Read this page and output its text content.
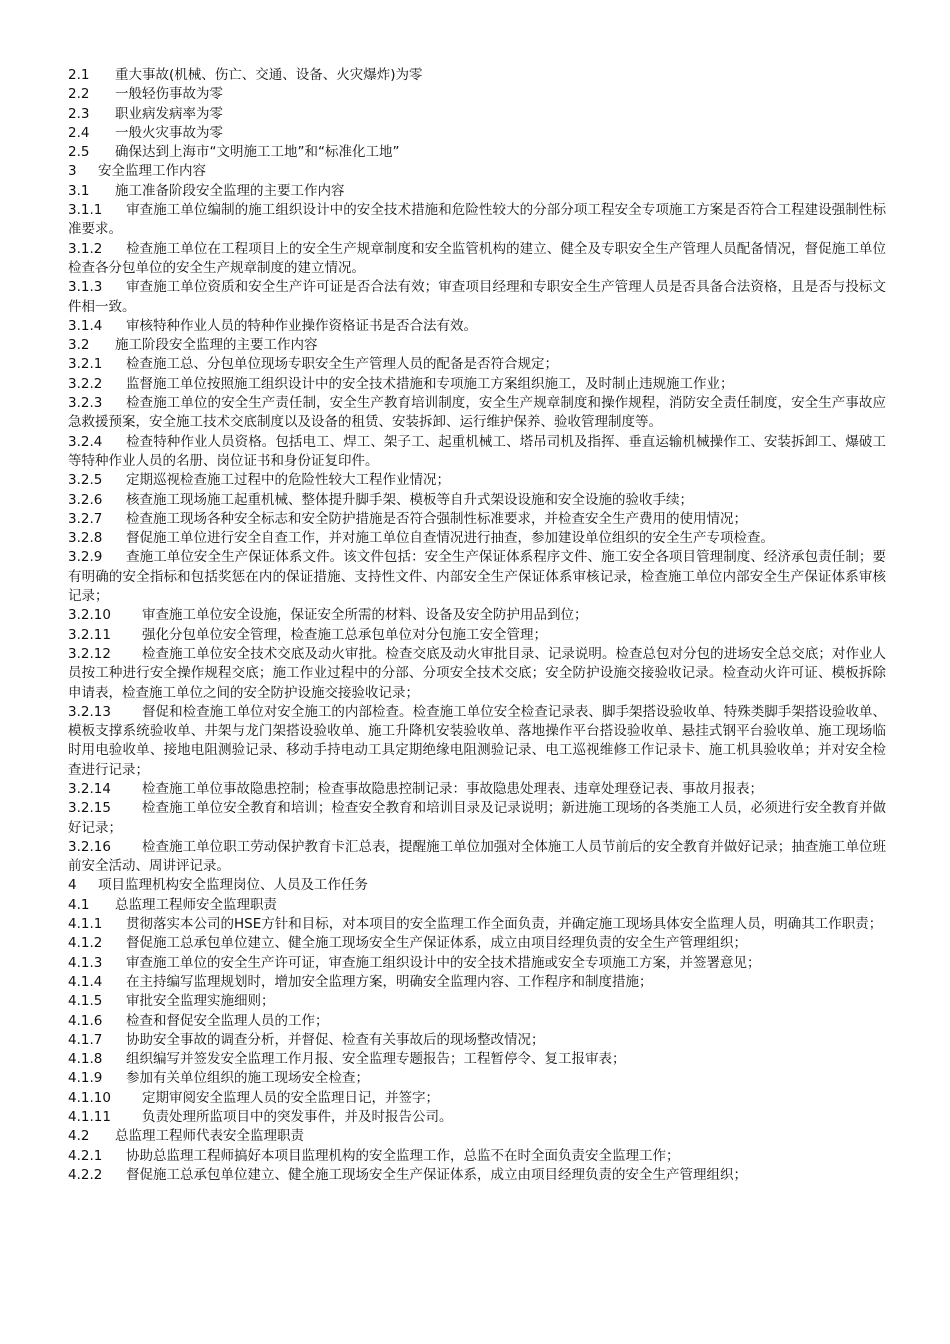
2.1 重大事故(机械、伤亡、交通、设备、火灾爆炸)为零

2.2 一般轻伤事故为零

2.3 职业病发病率为零

2.4 一般火灾事故为零

2.5 确保达到上海市“文明施工工地”和“标准化工地”

3 安全监理工作内容

3.1 施工准备阶段安全监理的主要工作内容

3.1.1 审查施工单位编制的施工组织设计中的安全技术措施和危险性较大的分部分项工程安全专项施工方案是否符合工程建设强制性标准要求。

3.1.2 检查施工单位在工程项目上的安全生产规章制度和安全监管机构的建立、健全及专职安全生产管理人员配备情况，督促施工单位检查各分包单位的安全生产规章制度的建立情况。

3.1.3 审查施工单位资质和安全生产许可证是否合法有效；审查项目经理和专职安全生产管理人员是否具备合法资格，且是否与投标文件相一致。

3.1.4 审核特种作业人员的特种作业操作资格证书是否合法有效。

3.2 施工阶段安全监理的主要工作内容

3.2.1 检查施工总、分包单位现场专职安全生产管理人员的配备是否符合规定；

3.2.2 监督施工单位按照施工组织设计中的安全技术措施和专项施工方案组织施工，及时制止违规施工作业；

3.2.3 检查施工单位的安全生产责任制，安全生产教育培训制度，安全生产规章制度和操作规程，消防安全责任制度，安全生产事故应急救援预案，安全施工技术交底制度以及设备的租赁、安装拆卸、运行维护保养、验收管理制度等。

3.2.4 检查特种作业人员资格。包括电工、焊工、架子工、起重机械工、塔吊司机及指挥、垂直运输机械操作工、安装拆卸工、爆破工等特种作业人员的名册、岗位证书和身份证复印件。

3.2.5 定期巡视检查施工过程中的危险性较大工程作业情况；

3.2.6 核查施工现场施工起重机械、整体提升脚手架、模板等自升式架设设施和安全设施的验收手续；

3.2.7 检查施工现场各种安全标志和安全防护措施是否符合强制性标准要求，并检查安全生产费用的使用情况；

3.2.8 督促施工单位进行安全自查工作，并对施工单位自查情况进行抽查，参加建设单位组织的安全生产专项检查。

3.2.9 查施工单位安全生产保证体系文件。该文件包括：安全生产保证体系程序文件、施工安全各项目管理制度、经济承包责任制；要有明确的安全指标和包括奖惩在内的保证措施、支持性文件、内部安全生产保证体系审核记录，检查施工单位内部安全生产保证体系审核记录；

3.2.10 审查施工单位安全设施，保证安全所需的材料、设备及安全防护用品到位；

3.2.11 强化分包单位安全管理，检查施工总承包单位对分包施工安全管理；

3.2.12 检查施工单位安全技术交底及动火审批。检查交底及动火审批目录、记录说明。检查总包对分包的进场安全总交底；对作业人员按工种进行安全操作规程交底；施工作业过程中的分部、分项安全技术交底；安全防护设施交接验收记录。检查动火许可证、模板拆除申请表，检查施工单位之间的安全防护设施交接验收记录；

3.2.13 督促和检查施工单位对安全施工的内部检查。检查施工单位安全检查记录表、脚手架搭设验收单、特殊类脚手架搭设验收单、模板支撑系统验收单、井架与龙门架搭设验收单、施工升降机安装验收单、落地操作平台搭设验收单、悬挂式钢平台验收单、施工现场临时用电验收单、接地电阻测验记录、移动手持电动工具定期绝缘电阻测验记录、电工巡视维修工作记录卡、施工机具验收单；并对安全检查进行记录；

3.2.14 检查施工单位事故隐患控制；检查事故隐患控制记录：事故隐患处理表、违章处理登记表、事故月报表；

3.2.15 检查施工单位安全教育和培训；检查安全教育和培训目录及记录说明；新进施工现场的各类施工人员，必须进行安全教育并做好记录；

3.2.16 检查施工单位职工劳动保护教育卡汇总表，提醒施工单位加强对全体施工人员节前后的安全教育并做好记录；抽查施工单位班前安全活动、周讲评记录。

4 项目监理机构安全监理岗位、人员及工作任务

4.1 总监理工程师安全监理职责

4.1.1 贯彻落实本公司的HSE方针和目标，对本项目的安全监理工作全面负责，并确定施工现场具体安全监理人员，明确其工作职责；

4.1.2 督促施工总承包单位建立、健全施工现场安全生产保证体系，成立由项目经理负责的安全生产管理组织；

4.1.3 审查施工单位的安全生产许可证，审查施工组织设计中的安全技术措施或安全专项施工方案，并签署意见；

4.1.4 在主持编写监理规划时，增加安全监理方案，明确安全监理内容、工作程序和制度措施；

4.1.5 审批安全监理实施细则；

4.1.6 检查和督促安全监理人员的工作；

4.1.7 协助安全事故的调查分析，并督促、检查有关事故后的现场整改情况；

4.1.8 组织编写并签发安全监理工作月报、安全监理专题报告；工程暂停令、复工报审表；

4.1.9 参加有关单位组织的施工现场安全检查；

4.1.10 定期审阅安全监理人员的安全监理日记，并签字；

4.1.11 负责处理所监项目中的突发事件，并及时报告公司。

4.2 总监理工程师代表安全监理职责

4.2.1 协助总监理工程师搞好本项目监理机构的安全监理工作，总监不在时全面负责安全监理工作；

4.2.2 督促施工总承包单位建立、健全施工现场安全生产保证体系，成立由项目经理负责的安全生产管理组织；
